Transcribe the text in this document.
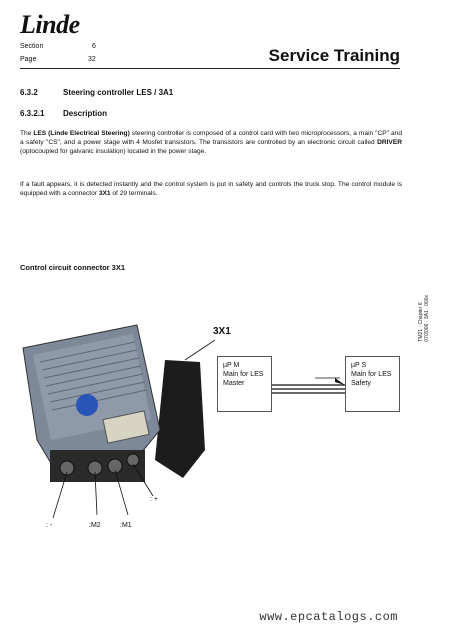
Linde
Section	6
Page	32	Service Training
6.3.2	Steering controller LES / 3A1
6.3.2.1 Description
The LES (Linde Electrical Steering) steering controller is composed of a control card with two microprocessors, a main "CP" and a safety "CS", and a power stage with 4 Mosfet transistors. The transistors are controlled by an electronic circuit called DRIVER (optocoupled for galvanic insulation) located in the power stage.
If a fault appears, it is detected instantly and the control system is put in safety and controls the truck stop. The control module is equipped with a connector 3X1 of 29 terminals.
TM21 · Chapter 6 07/2006 · 3A1 · 000x
Control circuit connector 3X1
3X1
µP M
Main for LES
Master
µP S
Main for LES
Safety
: -	:M2	:M1
: +
www.epcatalogs.com
